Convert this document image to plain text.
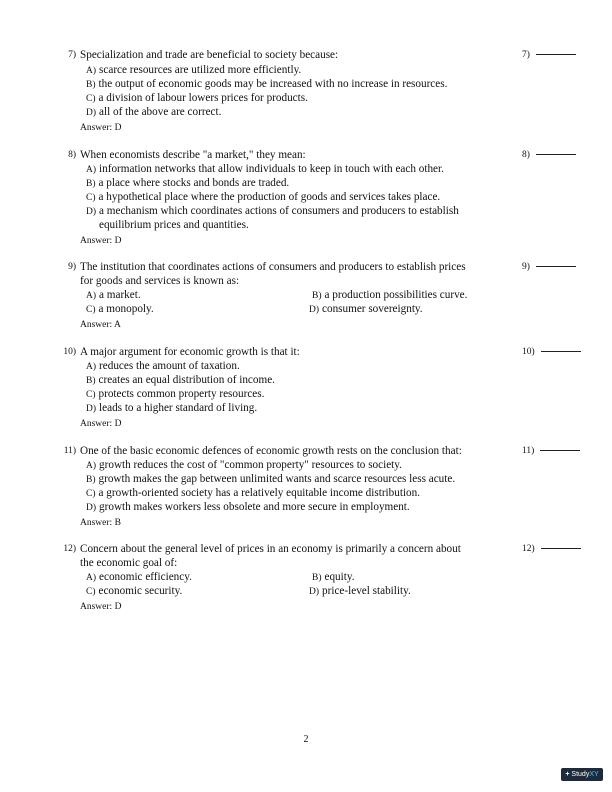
7) Specialization and trade are beneficial to society because:	7)
A) scarce resources are utilized more efficiently.
B) the output of economic goods may be increased with no increase in resources.
C) a division of labour lowers prices for products.
D) all of the above are correct.
Answer: D
8) When economists describe "a market," they mean:	8)
A) information networks that allow individuals to keep in touch with each other.
B) a place where stocks and bonds are traded.
C) a hypothetical place where the production of goods and services takes place.
D) a mechanism which coordinates actions of consumers and producers to establish
equilibrium prices and quantities.
Answer: D
9) The institution that coordinates actions of consumers and producers to establish prices
for goods and services is known as:
9)
A) a market.	B) a production possibilities curve.
C) a monopoly.	D) consumer sovereignty.
Answer: A
10) A major argument for economic growth is that it:	10)
A) reduces the amount of taxation.
B) creates an equal distribution of income.
C) protects common property resources.
D) leads to a higher standard of living.
Answer: D
11) One of the basic economic defences of economic growth rests on the conclusion that:	11)
A) growth reduces the cost of "common property" resources to society.
B) growth makes the gap between unlimited wants and scarce resources less acute.
C) a growth-oriented society has a relatively equitable income distribution.
D) growth makes workers less obsolete and more secure in employment.
Answer: B
12) Concern about the general level of prices in an economy is primarily a concern about
the economic goal of:
12)
A) economic efficiency.	B) equity.
C) economic security.	D) price-level stability.
Answer: D
2
+ StudyXY
